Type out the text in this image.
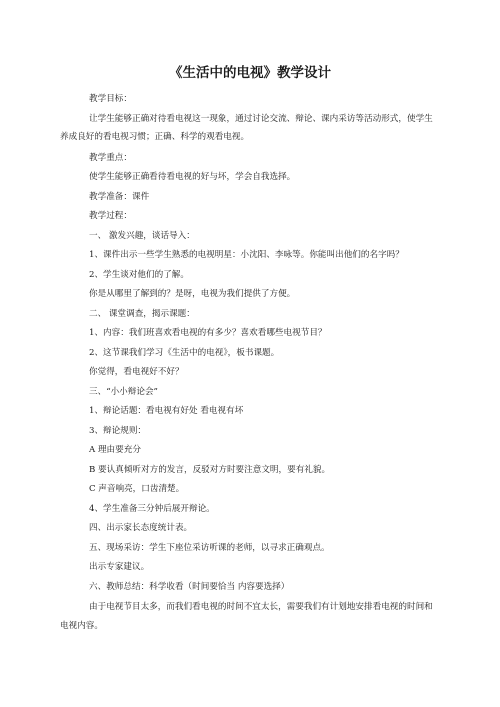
《生活中的电视》教学设计
教学目标：
让学生能够正确对待看电视这一现象，通过讨论交流、辩论、课内采访等活动形式，使学生
养成良好的看电视习惯；正确、科学的观看电视。
教学重点：
使学生能够正确看待看电视的好与坏，学会自我选择。
教学准备：课件
教学过程：
一、 激发兴趣，谈话导入：
1、课件出示一些学生熟悉的电视明星：小沈阳、李咏等。你能叫出他们的名字吗？
2、学生谈对他们的了解。
你是从哪里了解到的？是呀，电视为我们提供了方便。
二、 课堂调查，揭示课题：
1、内容：我们班喜欢看电视的有多少？喜欢看哪些电视节目？
2、这节课我们学习《生活中的电视》，板书课题。
你觉得，看电视好不好？
三、“小小辩论会”
1、辩论话题：看电视有好处 看电视有坏
3、辩论规则：
A 理由要充分
B 要认真倾听对方的发言，反驳对方时要注意文明，要有礼貌。
C 声音响亮，口齿清楚。
4、学生准备三分钟后展开辩论。
四、出示家长态度统计表。
五、现场采访：学生下座位采访听课的老师，以寻求正确观点。
出示专家建议。
六、教师总结：科学收看（时间要恰当 内容要选择）
由于电视节目太多，而我们看电视的时间不宜太长，需要我们有计划地安排看电视的时间和
电视内容。
